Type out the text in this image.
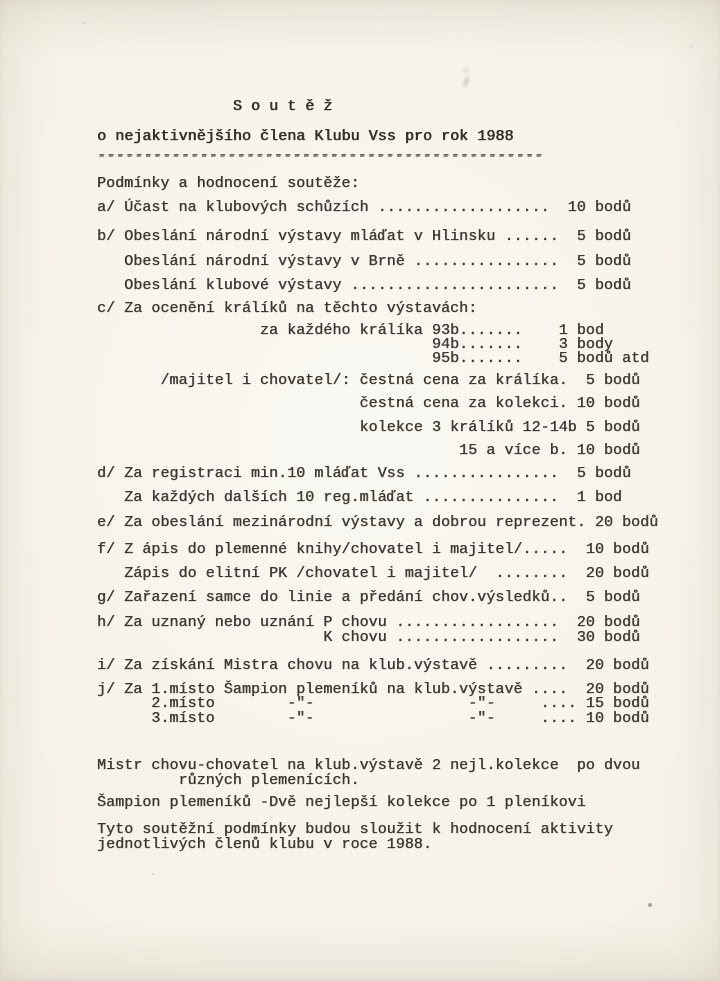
S o u t ě ž
o nejaktivnějšího člena Klubu Vss pro rok 1988
------------------------------------------------
Podmínky a hodnocení soutěže:
a/ Účast na klubových schůzích ...................  10 bodů
b/ Obeslání národní výstavy mláďat v Hlinsku ......  5 bodů
Obeslání národní výstavy v Brně ................  5 bodů
Obeslání klubové výstavy .......................  5 bodů
c/ Za ocenění králíků na těchto výstavách:
za každého králíka 93b.......    1 bod
94b.......    3 body
95b.......    5 bodů atd
/majitel i chovatel/: čestná cena za králíka.  5 bodů
čestná cena za kolekci. 10 bodů
kolekce 3 králíků 12-14b 5 bodů
15 a více b. 10 bodů
d/ Za registraci min.10 mláďat Vss ................  5 bodů
Za každých dalších 10 reg.mláďat ...............  1 bod
e/ Za obeslání mezinárodní výstavy a dobrou reprezent. 20 bodů
f/ Z ápis do plemenné knihy/chovatel i majitel/.....  10 bodů
Zápis do elitní PK /chovatel i majitel/  ........  20 bodů
g/ Zařazení samce do linie a předání chov.výsledků..  5 bodů
h/ Za uznaný nebo uznání P chovu ..................  20 bodů
K chovu ..................  30 bodů
i/ Za získání Mistra chovu na klub.výstavě .........  20 bodů
j/ Za 1.místo Šampion plemeníků na klub.výstavě ....  20 bodů
2.místo        -"-                 -"-     .... 15 bodů
3.místo        -"-                 -"-     .... 10 bodů
Mistr chovu-chovatel na klub.výstavě 2 nejl.kolekce  po dvou
různých plemenících.
Šampion plemeníků -Dvě nejlepší kolekce po 1 pleníkovi
Tyto soutěžní podmínky budou sloužit k hodnocení aktivity
jednotlivých členů klubu v roce 1988.
